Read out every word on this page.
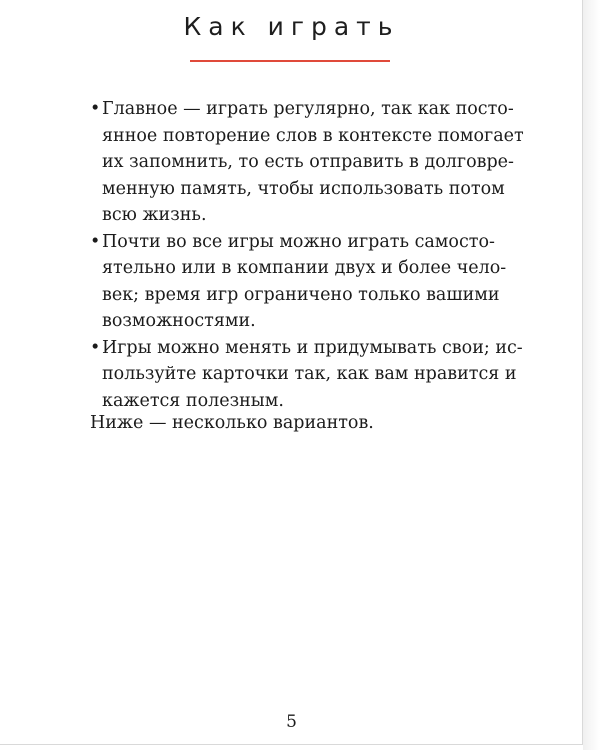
Как играть
• Главное — играть регулярно, так как посто-
янное повторение слов в контексте помогает
их запомнить, то есть отправить в долговре-
менную память, чтобы использовать потом
всю жизнь.
• Почти во все игры можно играть самосто-
ятельно или в компании двух и более чело-
век; время игр ограничено только вашими
возможностями.
• Игры можно менять и придумывать свои; ис-
пользуйте карточки так, как вам нравится и
кажется полезным.

Ниже — несколько вариантов.

5
